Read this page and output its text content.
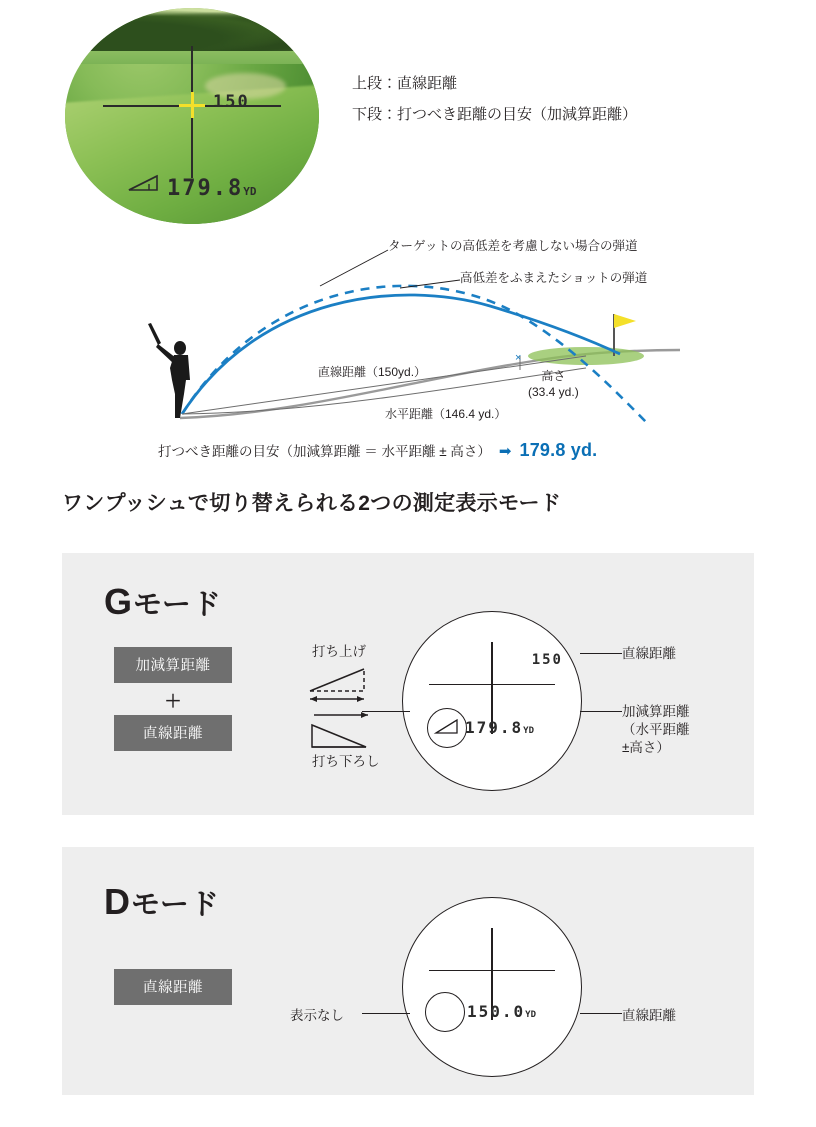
150
179.8YD
上段：直線距離
下段：打つべき距離の目安（加減算距離）
×
ターゲットの高低差を考慮しない場合の弾道
高低差をふまえたショットの弾道
直線距離（150yd.）
水平距離（146.4 yd.）
高さ
(33.4 yd.)
打つべき距離の目安（加減算距離 ＝ 水平距離 ± 高さ） ➡ 179.8 yd.
ワンプッシュで切り替えられる2つの測定表示モード
Gモード
加減算距離
＋
直線距離
打ち上げ
打ち下ろし
150
179.8YD
直線距離
加減算距離
（水平距離
±高さ）
Dモード
直線距離
150.0YD
表示なし	直線距離
